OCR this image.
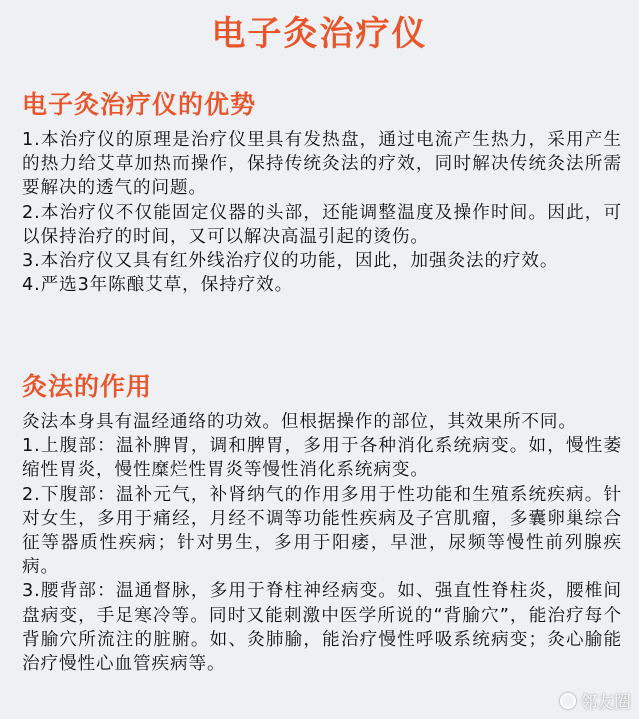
电子灸治疗仪
电子灸治疗仪的优势

1.本治疗仪的原理是治疗仪里具有发热盘，通过电流产生热力，采用产生的热力给艾草加热而操作，保持传统灸法的疗效，同时解决传统灸法所需要解决的透气的问题。

2.本治疗仪不仅能固定仪器的头部，还能调整温度及操作时间。因此，可以保持治疗的时间，又可以解决高温引起的烫伤。

3.本治疗仪又具有红外线治疗仪的功能，因此，加强灸法的疗效。

4.严选3年陈酿艾草，保持疗效。

灸法的作用

灸法本身具有温经通络的功效。但根据操作的部位，其效果所不同。

1.上腹部：温补脾胃，调和脾胃，多用于各种消化系统病变。如，慢性萎缩性胃炎，慢性糜烂性胃炎等慢性消化系统病变。

2.下腹部：温补元气，补肾纳气的作用多用于性功能和生殖系统疾病。针对女生，多用于痛经，月经不调等功能性疾病及子宫肌瘤，多囊卵巢综合征等器质性疾病；针对男生，多用于阳痿，早泄，尿频等慢性前列腺疾病。

3.腰背部：温通督脉，多用于脊柱神经病变。如、强直性脊柱炎，腰椎间盘病变，手足寒冷等。同时又能刺激中医学所说的“背腧穴”，能治疗每个背腧穴所流注的脏腑。如、灸肺腧，能治疗慢性呼吸系统病变；灸心腧能治疗慢性心血管疾病等。

邻友圈
